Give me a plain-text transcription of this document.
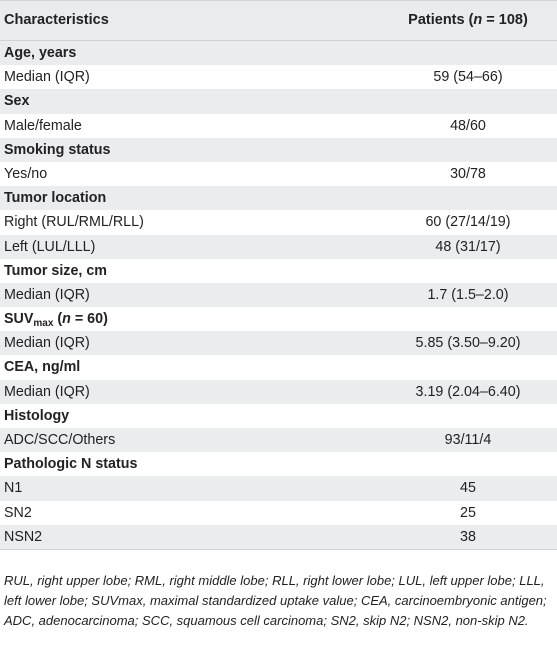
Characteristics	Patients (n = 108)
Age, years
Median (IQR)	59 (54–66)
Sex
Male/female	48/60
Smoking status
Yes/no	30/78
Tumor location
Right (RUL/RML/RLL)	60 (27/14/19)
Left (LUL/LLL)	48 (31/17)
Tumor size, cm
Median (IQR)	1.7 (1.5–2.0)
$SUV_{max}$ (n = 60)
Median (IQR)	5.85 (3.50–9.20)
CEA, ng/ml
Median (IQR)	3.19 (2.04–6.40)
Histology
ADC/SCC/Others	93/11/4
Pathologic N status
N1	45
SN2	25
NSN2	38
RUL, right upper lobe; RML, right middle lobe; RLL, right lower lobe; LUL, left upper lobe; LLL, left lower lobe; SUVmax, maximal standardized uptake value; CEA, carcinoembryonic antigen; ADC, adenocarcinoma; SCC, squamous cell carcinoma; SN2, skip N2; NSN2, non-skip N2.
